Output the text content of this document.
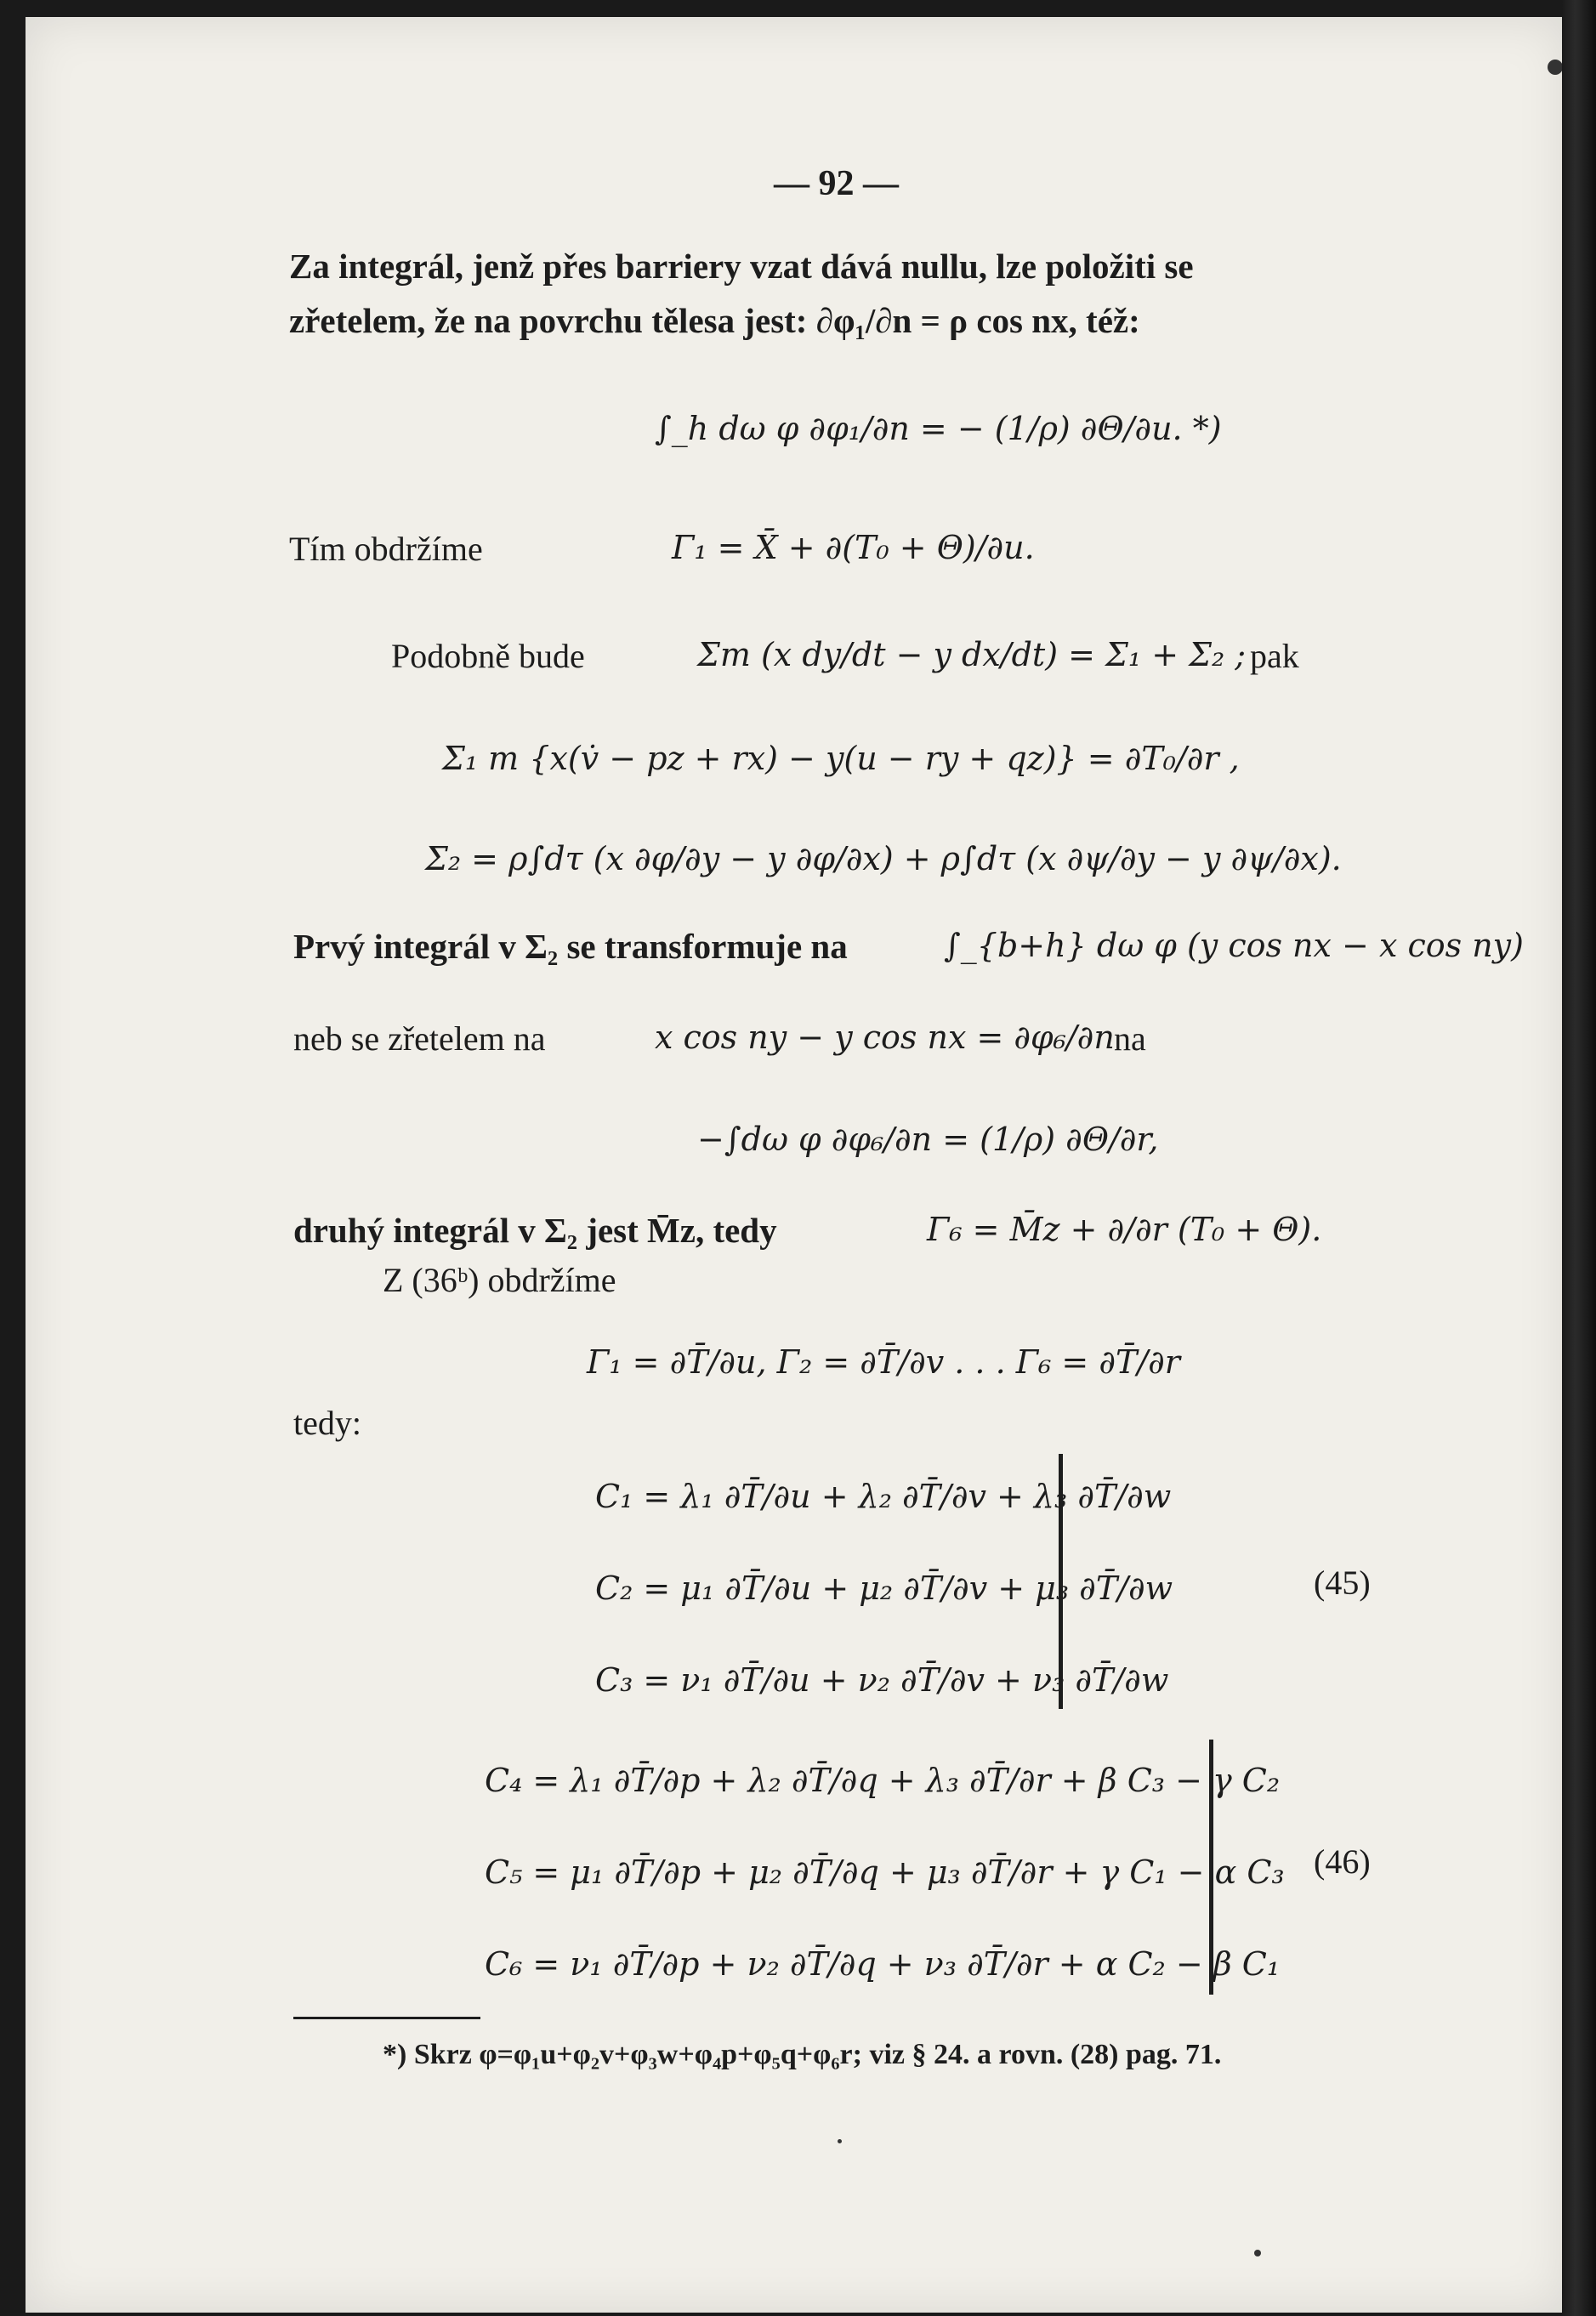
— 92 —
Za integrál, jenž přes barriery vzat dává nullu, lze položiti se
zřetelem, že na povrchu tělesa jest: ∂φ₁/∂n = ρ cos nx, též:
∫_h dω φ ∂φ₁/∂n = − (1/ρ) ∂Θ/∂u. *)
Tím obdržíme	Γ₁ = X̄ + ∂(T₀ + Θ)/∂u.
Podobně bude	Σm (x dy/dt − y dx/dt) = Σ₁ + Σ₂ ; pak
Σ₁ m {x(v̇ − pz + rx) − y(u − ry + qz)} = ∂T₀/∂r ,
Σ₂ = ρ∫dτ (x ∂φ/∂y − y ∂φ/∂x) + ρ∫dτ (x ∂ψ/∂y − y ∂ψ/∂x).
Prvý integrál v Σ₂ se transformuje na	∫_{b+h} dω φ (y cos nx − x cos ny)
neb se zřetelem na	x cos ny − y cos nx = ∂φ₆/∂n na
−∫dω φ ∂φ₆/∂n = (1/ρ) ∂Θ/∂r,
druhý integrál v Σ₂ jest M̄z, tedy	Γ₆ = M̄z + ∂/∂r (T₀ + Θ).
Z (36ᵇ) obdržíme
Γ₁ = ∂T̄/∂u, Γ₂ = ∂T̄/∂v . . . Γ₆ = ∂T̄/∂r
tedy:
C₁ = λ₁ ∂T̄/∂u + λ₂ ∂T̄/∂v + λ₃ ∂T̄/∂w
C₂ = μ₁ ∂T̄/∂u + μ₂ ∂T̄/∂v + μ₃ ∂T̄/∂w
C₃ = ν₁ ∂T̄/∂u + ν₂ ∂T̄/∂v + ν₃ ∂T̄/∂w
(45)
C₄ = λ₁ ∂T̄/∂p + λ₂ ∂T̄/∂q + λ₃ ∂T̄/∂r + β C₃ − γ C₂
C₅ = μ₁ ∂T̄/∂p + μ₂ ∂T̄/∂q + μ₃ ∂T̄/∂r + γ C₁ − α C₃
C₆ = ν₁ ∂T̄/∂p + ν₂ ∂T̄/∂q + ν₃ ∂T̄/∂r + α C₂ − β C₁
(46)
*) Skrz φ=φ₁u+φ₂v+φ₃w+φ₄p+φ₅q+φ₆r; viz § 24. a rovn. (28) pag. 71.
